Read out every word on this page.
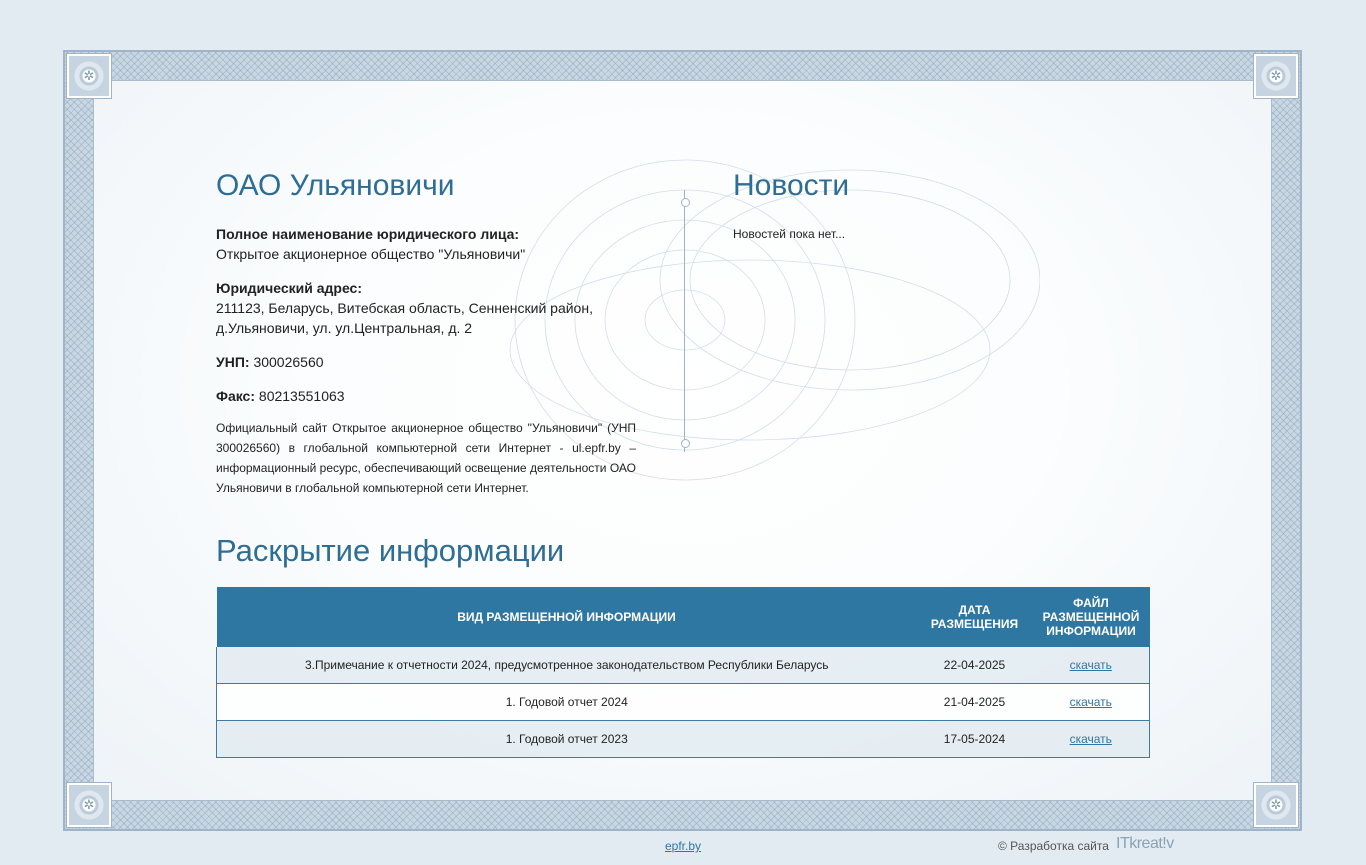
✲	✲
✲	✲
ОАО Ульяновичи
Полное наименование юридического лица:
Открытое акционерное общество "Ульяновичи"
Юридический адрес:
211123, Беларусь, Витебская область, Сенненский район, д.Ульяновичи, ул. ул.Центральная, д. 2
УНП: 300026560
Факс: 80213551063
Официальный сайт Открытое акционерное общество "Ульяновичи" (УНП 300026560) в глобальной компьютерной сети Интернет - ul.epfr.by – информационный ресурс, обеспечивающий освещение деятельности ОАО Ульяновичи в глобальной компьютерной сети Интернет.
Новости
Новостей пока нет...
Раскрытие информации
ВИД РАЗМЕЩЕННОЙ ИНФОРМАЦИИ	ДАТА РАЗМЕЩЕНИЯ	ФАЙЛ РАЗМЕЩЕННОЙ ИНФОРМАЦИИ
3.Примечание к отчетности 2024, предусмотренное законодательством Республики Беларусь	22-04-2025	скачать
1. Годовой отчет 2024	21-04-2025	скачать
1. Годовой отчет 2023	17-05-2024	скачать
epfr.by	© Разработка сайта ITkreat!v
